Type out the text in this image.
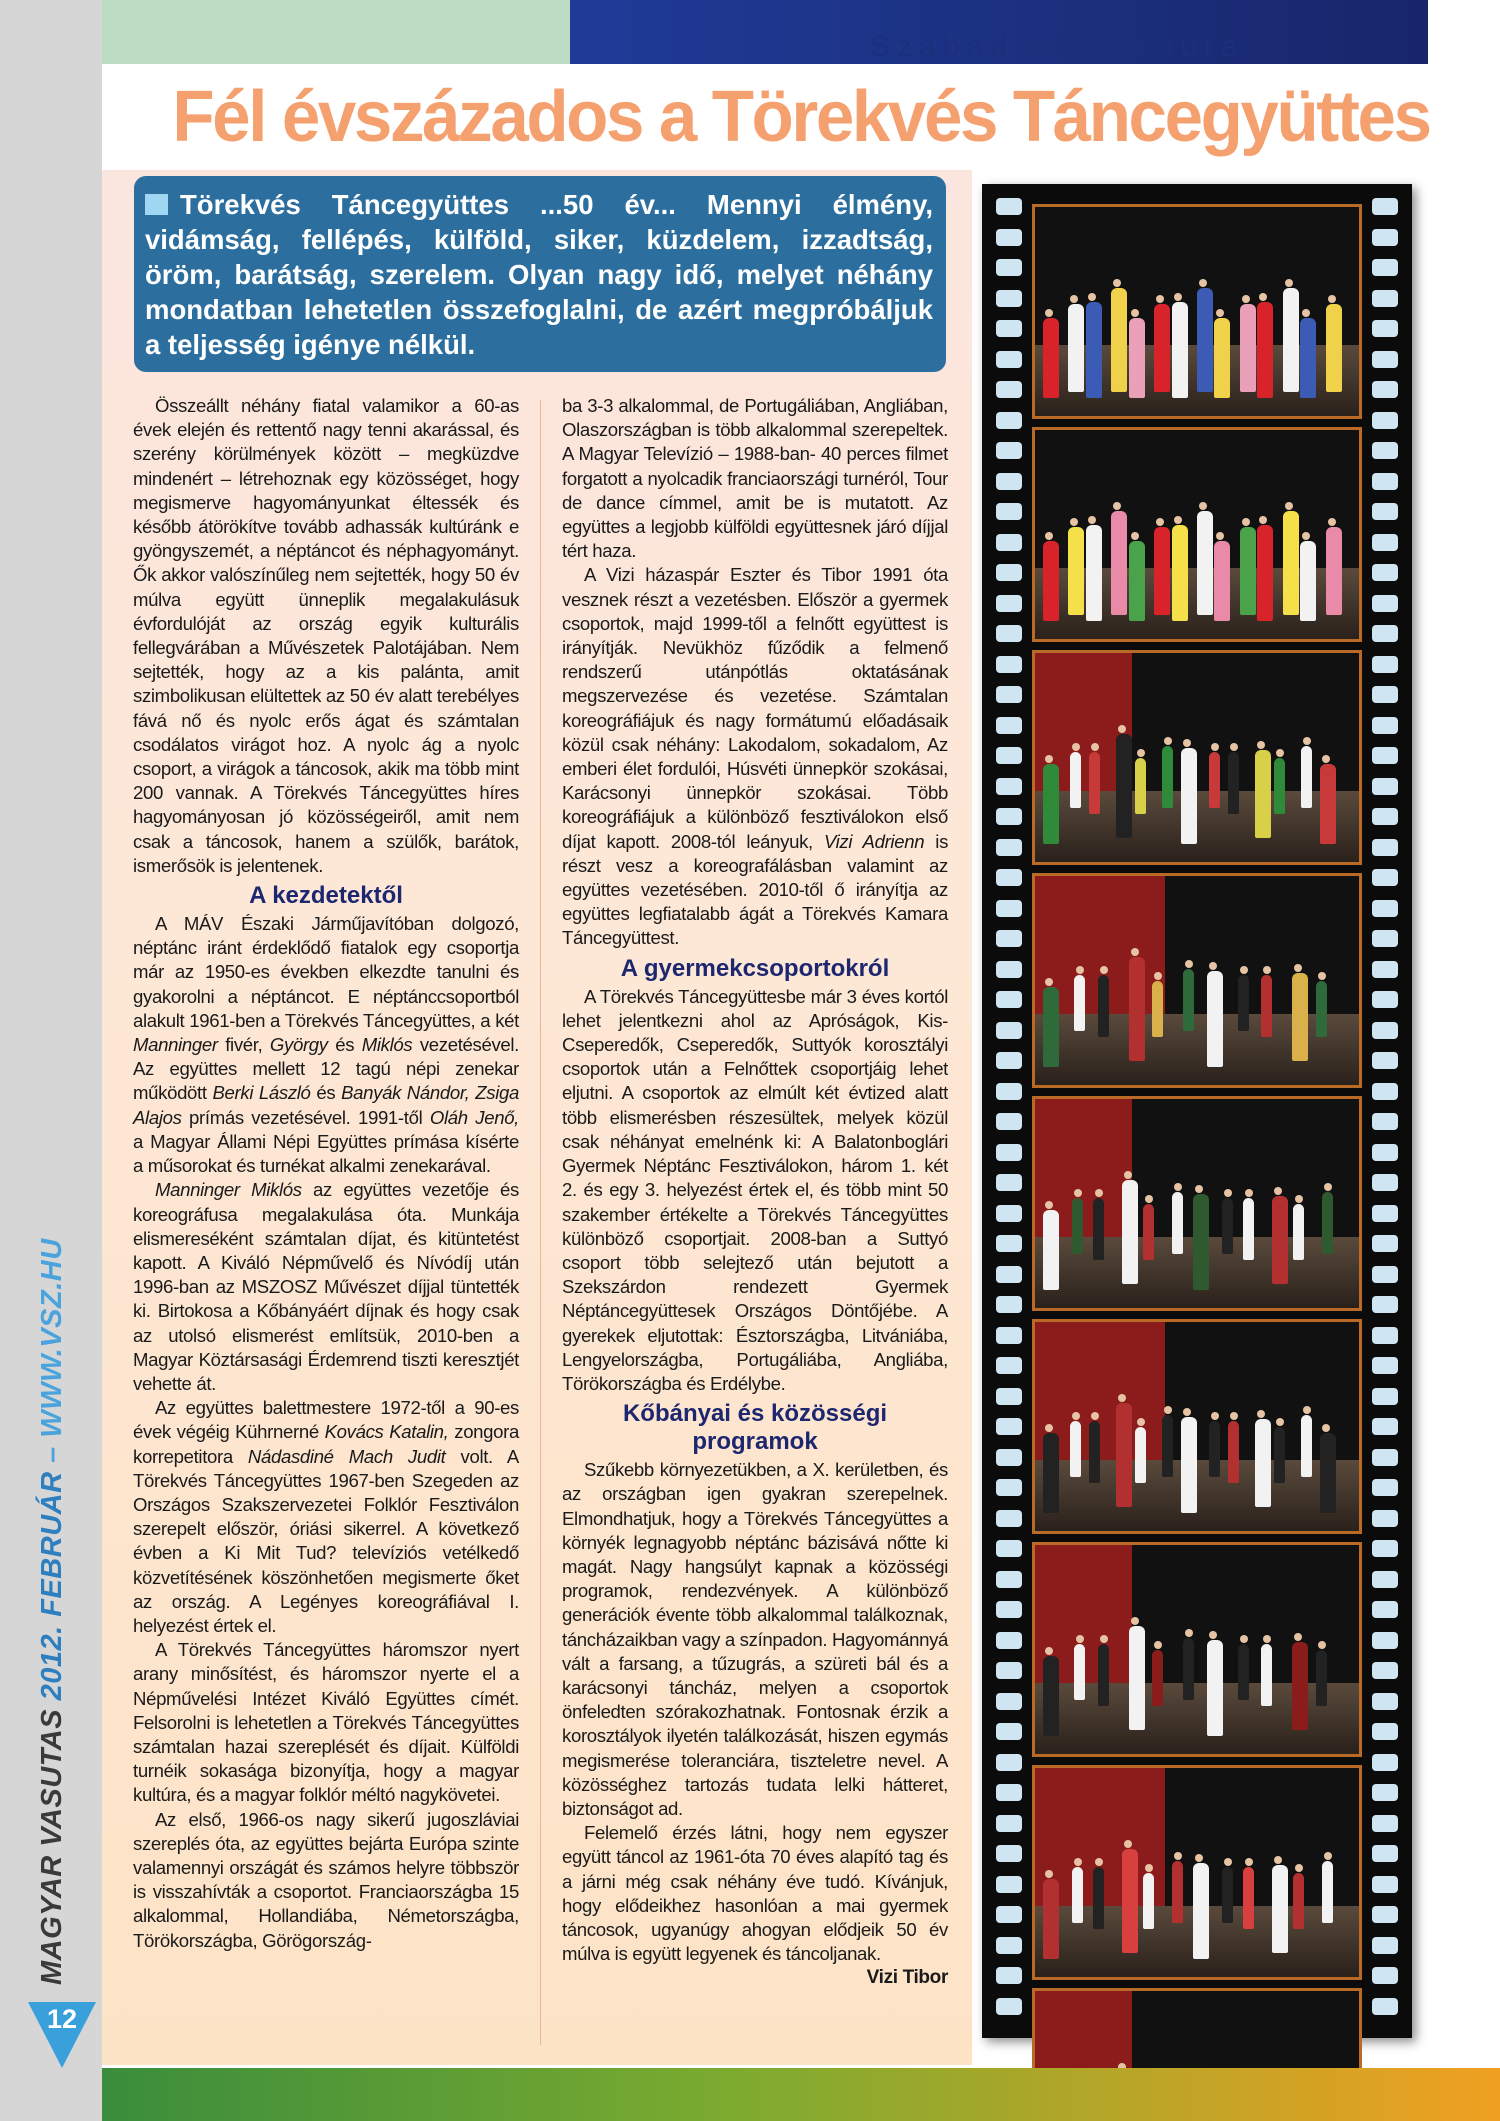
MAGYAR VASUTAS 2012. FEBRUÁR – WWW.VSZ.HU
12
Szabadidő, kultúra
Fél évszázados a Törekvés Táncegyüttes
Törekvés Táncegyüttes ...50 év... Mennyi élmény, vidámság, fellépés, külföld, siker, küzdelem, izzadtság, öröm, barátság, szerelem. Olyan nagy idő, melyet néhány mondatban lehetetlen összefoglalni, de azért megpróbáljuk a teljesség igénye nélkül.

Összeállt néhány fiatal valamikor a 60-as évek elején és rettentő nagy tenni akarással, és szerény körülmények között – megküzdve mindenért – létrehoznak egy közösséget, hogy megismerve hagyományunkat éltessék és később átörökítve tovább adhassák kultúránk e gyöngyszemét, a néptáncot és néphagyományt. Ők akkor valószínűleg nem sejtették, hogy 50 év múlva együtt ünneplik megalakulásuk évfordulóját az ország egyik kulturális fellegvárában a Művészetek Palotájában. Nem sejtették, hogy az a kis palánta, amit szimbolikusan elültettek az 50 év alatt terebélyes fává nő és nyolc erős ágat és számtalan csodálatos virágot hoz. A nyolc ág a nyolc csoport, a virágok a táncosok, akik ma több mint 200 vannak. A Törekvés Táncegyüttes híres hagyományosan jó közösségeiről, amit nem csak a táncosok, hanem a szülők, barátok, ismerősök is jelentenek.

A kezdetektől

A MÁV Északi Járműjavítóban dolgozó, néptánc iránt érdeklődő fiatalok egy csoportja már az 1950-es években elkezdte tanulni és gyakorolni a néptáncot. E néptánccsoportból alakult 1961-ben a Törekvés Táncegyüttes, a két Manninger fivér, György és Miklós vezetésével. Az együttes mellett 12 tagú népi zenekar működött Berki László és Banyák Nándor, Zsiga Alajos prímás vezetésével. 1991-től Oláh Jenő, a Magyar Állami Népi Együttes prímása kísérte a műsorokat és turnékat alkalmi zenekarával.

Manninger Miklós az együttes vezetője és koreográfusa megalakulása óta. Munkája elismereséként számtalan díjat, és kitüntetést kapott. A Kiváló Népművelő és Nívódíj után 1996-ban az MSZOSZ Művészet díjjal tüntették ki. Birtokosa a Kőbányáért díjnak és hogy csak az utolsó elismerést említsük, 2010-ben a Magyar Köztársasági Érdemrend tiszti keresztjét vehette át.

Az együttes balettmestere 1972-től a 90-es évek végéig Kührnerné Kovács Katalin, zongora korrepetitora Nádasdiné Mach Judit volt. A Törekvés Táncegyüttes 1967-ben Szegeden az Országos Szakszervezetei Folklór Fesztiválon szerepelt először, óriási sikerrel. A következő évben a Ki Mit Tud? televíziós vetélkedő közvetítésének köszönhetően megismerte őket az ország. A Legényes koreográfiával I. helyezést értek el.

A Törekvés Táncegyüttes háromszor nyert arany minősítést, és háromszor nyerte el a Népművelési Intézet Kiváló Együttes címét. Felsorolni is lehetetlen a Törekvés Táncegyüttes számtalan hazai szereplését és díjait. Külföldi turnéik sokasága bizonyítja, hogy a magyar kultúra, és a magyar folklór méltó nagykövetei.

Az első, 1966-os nagy sikerű jugoszláviai szereplés óta, az együttes bejárta Európa szinte valamennyi országát és számos helyre többször is visszahívták a csoportot. Franciaországba 15 alkalommal, Hollandiába, Németországba, Törökországba, Görögország-

ba 3-3 alkalommal, de Portugáliában, Angliában, Olaszországban is több alkalommal szerepeltek. A Magyar Televízió – 1988-ban- 40 perces filmet forgatott a nyolcadik franciaországi turnéról, Tour de dance címmel, amit be is mutatott. Az együttes a legjobb külföldi együttesnek járó díjjal tért haza.

A Vizi házaspár Eszter és Tibor 1991 óta vesznek részt a vezetésben. Először a gyermek csoportok, majd 1999-től a felnőtt együttest is irányítják. Nevükhöz fűződik a felmenő rendszerű utánpótlás oktatásának megszervezése és vezetése. Számtalan koreográfiájuk és nagy formátumú előadásaik közül csak néhány: Lakodalom, sokadalom, Az emberi élet fordulói, Húsvéti ünnepkör szokásai, Karácsonyi ünnepkör szokásai. Több koreográfiájuk a különböző fesztiválokon első díjat kapott. 2008-tól leányuk, Vizi Adrienn is részt vesz a koreografálásban valamint az együttes vezetésében. 2010-től ő irányítja az együttes legfiatalabb ágát a Törekvés Kamara Táncegyüttest.

A gyermekcsoportokról

A Törekvés Táncegyüttesbe már 3 éves kortól lehet jelentkezni ahol az Apróságok, Kis-Cseperedők, Cseperedők, Suttyók korosztályi csoportok után a Felnőttek csoportjáig lehet eljutni. A csoportok az elmúlt két évtized alatt több elismerésben részesültek, melyek közül csak néhányat emelnénk ki: A Balatonboglári Gyermek Néptánc Fesztiválokon, három 1. két 2. és egy 3. helyezést értek el, és több mint 50 szakember értékelte a Törekvés Táncegyüttes különböző csoportjait. 2008-ban a Suttyó csoport több selejtező után bejutott a Szekszárdon rendezett Gyermek Néptáncegyüttesek Országos Döntőjébe. A gyerekek eljutottak: Észtországba, Litvániába, Lengyelországba, Portugáliába, Angliába, Törökországba és Erdélybe.

Kőbányai és közösségi programok

Szűkebb környezetükben, a X. kerületben, és az országban igen gyakran szerepelnek. Elmondhatjuk, hogy a Törekvés Táncegyüttes a környék legnagyobb néptánc bázisává nőtte ki magát. Nagy hangsúlyt kapnak a közösségi programok, rendezvények. A különböző generációk évente több alkalommal találkoznak, táncházaikban vagy a színpadon. Hagyománnyá vált a farsang, a tűzugrás, a szüreti bál és a karácsonyi táncház, melyen a csoportok önfeledten szórakozhatnak. Fontosnak érzik a korosztályok ilyetén találkozását, hiszen egymás megismerése toleranciára, tiszteletre nevel. A közösséghez tartozás tudata lelki hátteret, biztonságot ad.

Felemelő érzés látni, hogy nem egyszer együtt táncol az 1961-óta 70 éves alapító tag és a járni még csak néhány éve tudó. Kívánjuk, hogy elődeikhez hasonlóan a mai gyermek táncosok, ugyanúgy ahogyan elődjeik 50 év múlva is együtt legyenek és táncoljanak.
Vizi Tibor
